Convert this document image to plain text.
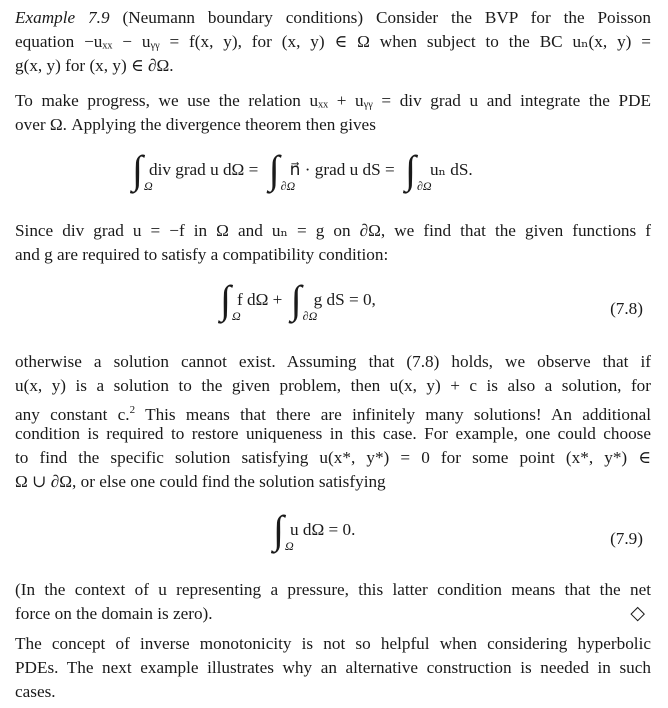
Example 7.9 (Neumann boundary conditions) Consider the BVP for the Poisson
equation −uₓₓ − uᵧᵧ = f(x, y), for (x, y) ∈ Ω when subject to the BC uₙ(x, y) =
g(x, y) for (x, y) ∈ ∂Ω.
To make progress, we use the relation uₓₓ + uᵧᵧ = div grad u and integrate the PDE
over Ω. Applying the divergence theorem then gives
∫ Ω
div grad u dΩ = ∫ ∂Ω
n⃗ · grad u dS = ∫ ∂Ω
uₙ dS.
Since div grad u = −f in Ω and uₙ = g on ∂Ω, we find that the given functions f
and g are required to satisfy a compatibility condition:
∫ Ω
f dΩ + ∫ ∂Ω
g dS = 0,	(7.8)
otherwise a solution cannot exist. Assuming that (7.8) holds, we observe that if
u(x, y) is a solution to the given problem, then u(x, y) + c is also a solution, for
any constant c.$^2$ This means that there are infinitely many solutions! An additional
condition is required to restore uniqueness in this case. For example, one could choose
to find the specific solution satisfying u(x*, y*) = 0 for some point (x*, y*) ∈
Ω ∪ ∂Ω, or else one could find the solution satisfying
∫ Ω
u dΩ = 0.	(7.9)
(In the context of u representing a pressure, this latter condition means that the net
force on the domain is zero).	◇
The concept of inverse monotonicity is not so helpful when considering hyperbolic
PDEs. The next example illustrates why an alternative construction is needed in such
cases.
